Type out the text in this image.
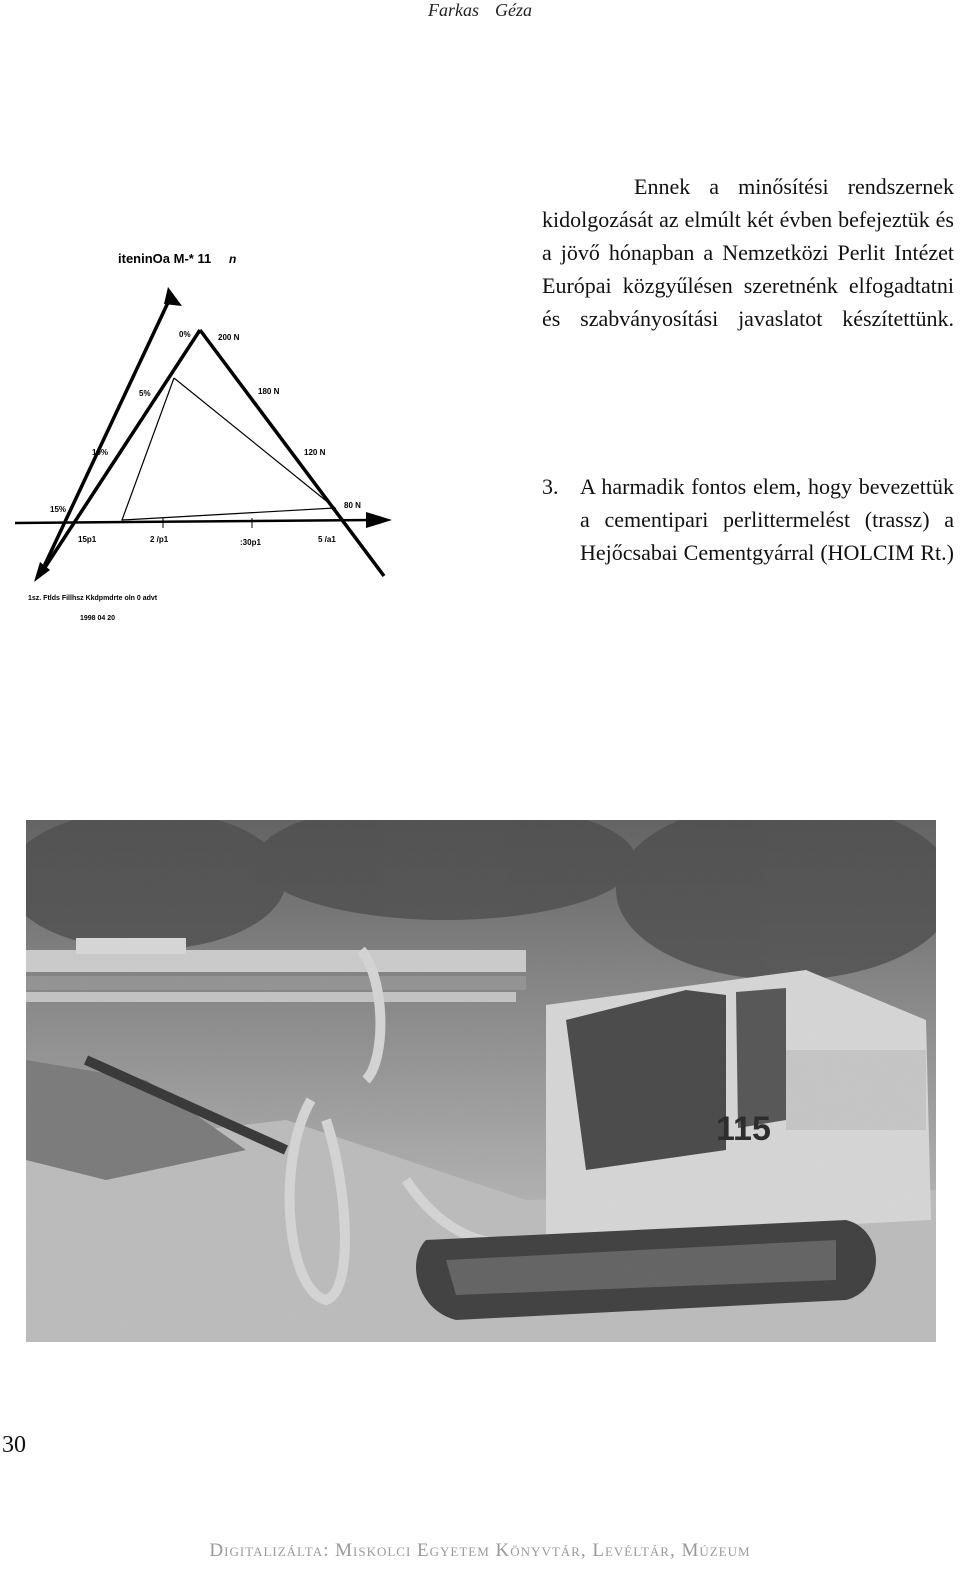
Farkas Géza
iteninOa M-* 11 n
0%
5%
10%
15%
200 N
180 N
120 N
80 N
15p1	2 /p1	:30p1	5 /a1
1sz. Ftlds Fillhsz Kkdpmdrte oln 0 advt
1998 04 20

Ennek a minősítési rendszernek kidolgozását az elmúlt két évben befejeztük és a jövő hónapban a Nemzetközi Perlit Intézet Európai közgyűlésen szeretnénk elfogadtatni és szabványosítási javaslatot készítettünk.

3. A harmadik fontos elem, hogy bevezettük a cementipari perlittermelést (trassz) a Hejőcsabai Cementgyárral (HOLCIM Rt.)
115
30
Digitalizálta: Miskolci Egyetem Könyvtár, Levéltár, Múzeum
